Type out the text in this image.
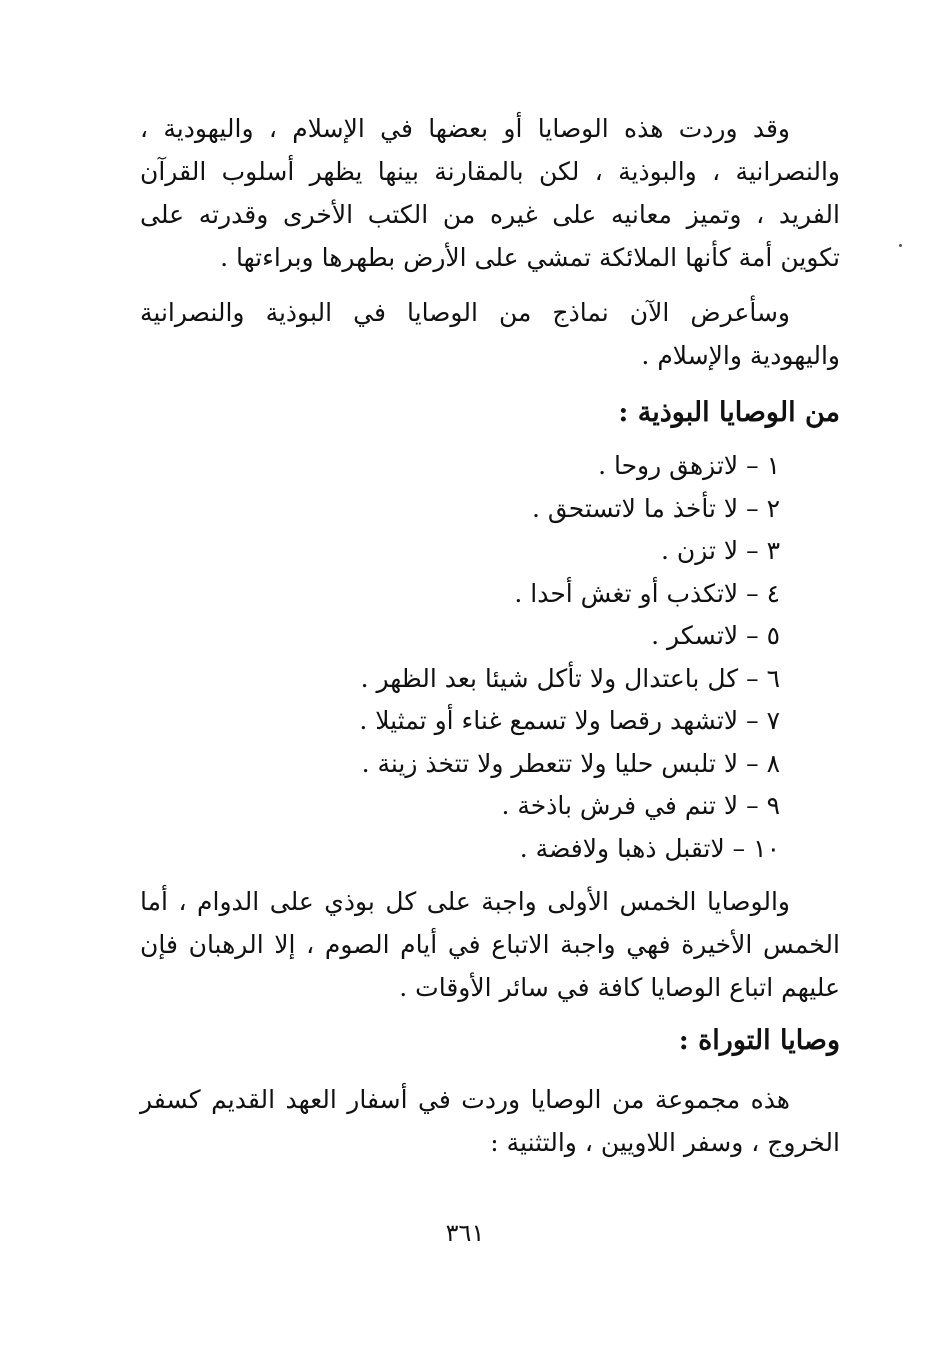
وقد وردت هذه الوصايا أو بعضها في الإسلام ، واليهودية ، والنصرانية ، والبوذية ، لكن بالمقارنة بينها يظهر أسلوب القرآن الفريد ، وتميز معانيه على غيره من الكتب الأخرى وقدرته على تكوين أمة كأنها الملائكة تمشي على الأرض بطهرها وبراءتها .

وسأعرض الآن نماذج من الوصايا في البوذية والنصرانية واليهودية والإسلام .

من الوصايا البوذية :
١ – لاتزهق روحا .
٢ – لا تأخذ ما لاتستحق .
٣ – لا تزن .
٤ – لاتكذب أو تغش أحدا .
٥ – لاتسكر .
٦ – كل باعتدال ولا تأكل شيئا بعد الظهر .
٧ – لاتشهد رقصا ولا تسمع غناء أو تمثيلا .
٨ – لا تلبس حليا ولا تتعطر ولا تتخذ زينة .
٩ – لا تنم في فرش باذخة .
١٠ – لاتقبل ذهبا ولافضة .

والوصايا الخمس الأولى واجبة على كل بوذي على الدوام ، أما الخمس الأخيرة فهي واجبة الاتباع في أيام الصوم ، إلا الرهبان فإن عليهم اتباع الوصايا كافة في سائر الأوقات .

وصايا التوراة :

هذه مجموعة من الوصايا وردت في أسفار العهد القديم كسفر الخروج ، وسفر اللاويين ، والتثنية :

٣٦١
